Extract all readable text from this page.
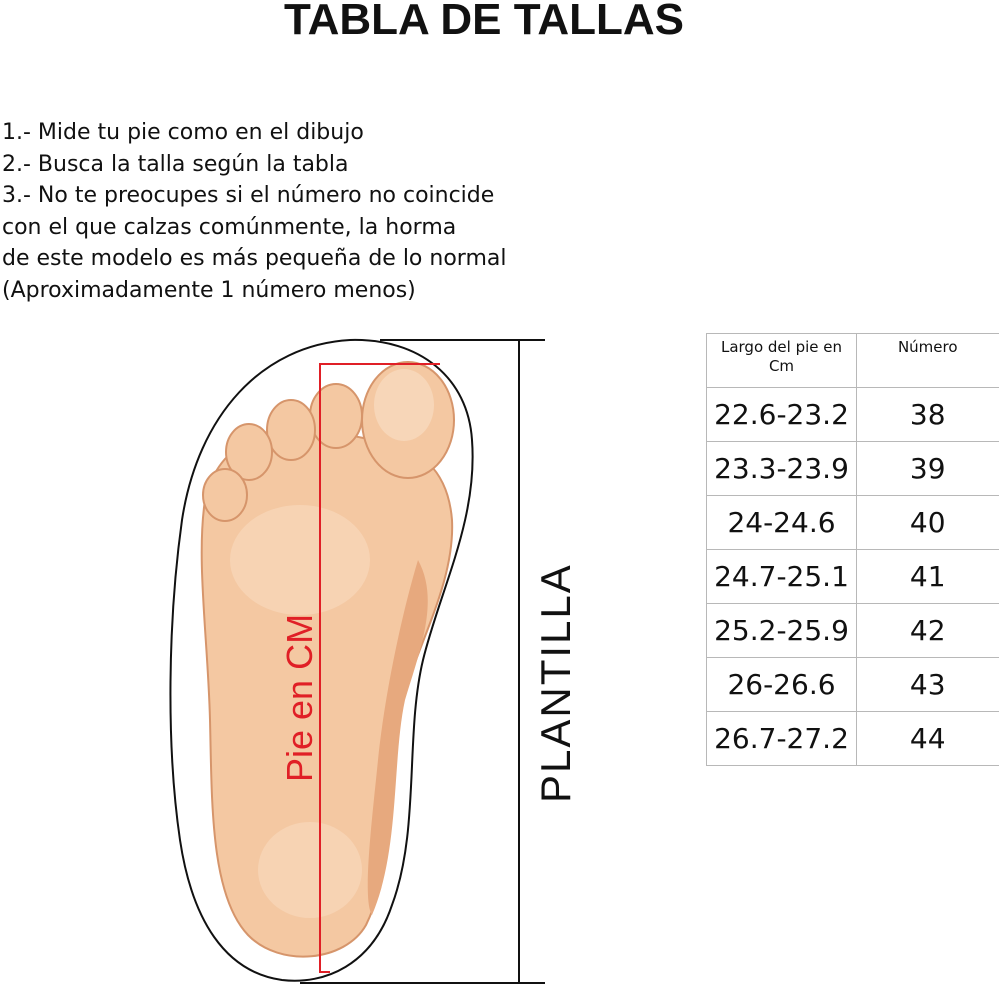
TABLA DE TALLAS
1.- Mide tu pie como en el dibujo
2.- Busca la talla según la tabla
3.- No te preocupes si el número no coincide
con el que calzas comúnmente, la horma
de este modelo es más pequeña de lo normal
(Aproximadamente 1 número menos)
Pie en CM	PLANTILLA
Largo del pie en Cm	Número
22.6-23.2	38
23.3-23.9	39
24-24.6	40
24.7-25.1	41
25.2-25.9	42
26-26.6	43
26.7-27.2	44
